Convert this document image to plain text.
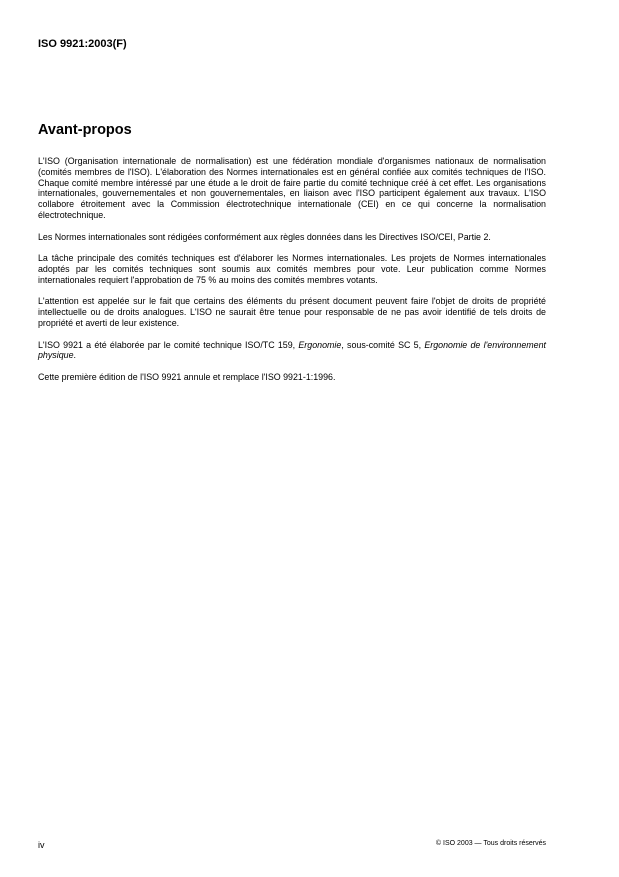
ISO 9921:2003(F)
Avant-propos

L'ISO (Organisation internationale de normalisation) est une fédération mondiale d'organismes nationaux de normalisation (comités membres de l'ISO). L'élaboration des Normes internationales est en général confiée aux comités techniques de l'ISO. Chaque comité membre intéressé par une étude a le droit de faire partie du comité technique créé à cet effet. Les organisations internationales, gouvernementales et non gouvernementales, en liaison avec l'ISO participent également aux travaux. L'ISO collabore étroitement avec la Commission électrotechnique internationale (CEI) en ce qui concerne la normalisation électrotechnique.

Les Normes internationales sont rédigées conformément aux règles données dans les Directives ISO/CEI, Partie 2.

La tâche principale des comités techniques est d'élaborer les Normes internationales. Les projets de Normes internationales adoptés par les comités techniques sont soumis aux comités membres pour vote. Leur publication comme Normes internationales requiert l'approbation de 75 % au moins des comités membres votants.

L'attention est appelée sur le fait que certains des éléments du présent document peuvent faire l'objet de droits de propriété intellectuelle ou de droits analogues. L'ISO ne saurait être tenue pour responsable de ne pas avoir identifié de tels droits de propriété et averti de leur existence.

L'ISO 9921 a été élaborée par le comité technique ISO/TC 159, Ergonomie, sous-comité SC 5, Ergonomie de l'environnement physique.

Cette première édition de l'ISO 9921 annule et remplace l'ISO 9921-1:1996.

iv	© ISO 2003 — Tous droits réservés
